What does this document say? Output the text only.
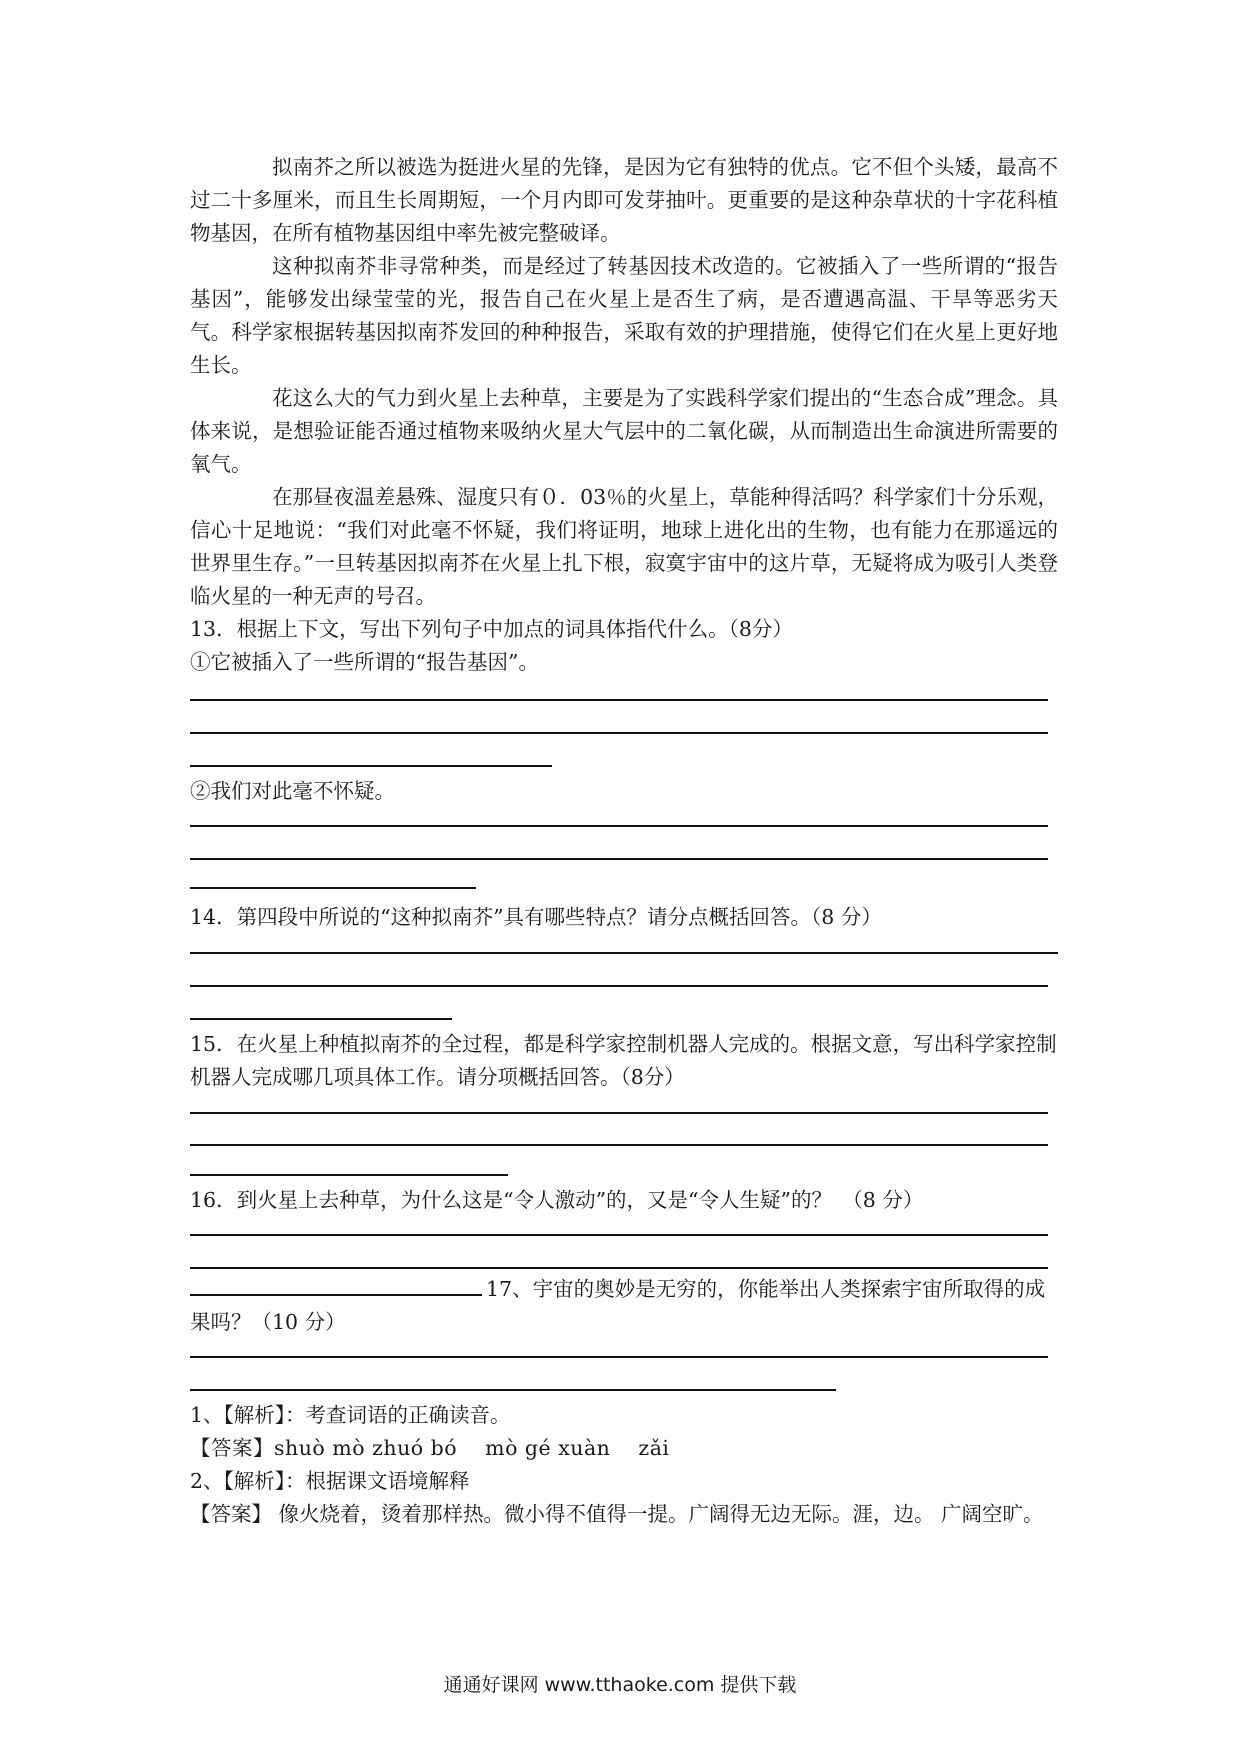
拟南芥之所以被选为挺进火星的先锋，是因为它有独特的优点。它不但个头矮，最高不过二十多厘米，而且生长周期短，一个月内即可发芽抽叶。更重要的是这种杂草状的十字花科植物基因，在所有植物基因组中率先被完整破译。

这种拟南芥非寻常种类，而是经过了转基因技术改造的。它被插入了一些所谓的“报告基因”，能够发出绿莹莹的光，报告自己在火星上是否生了病，是否遭遇高温、干旱等恶劣天气。科学家根据转基因拟南芥发回的种种报告，采取有效的护理措施，使得它们在火星上更好地生长。

花这么大的气力到火星上去种草，主要是为了实践科学家们提出的“生态合成”理念。具体来说，是想验证能否通过植物来吸纳火星大气层中的二氧化碳，从而制造出生命演进所需要的氧气。

在那昼夜温差悬殊、湿度只有０．03％的火星上，草能种得活吗？科学家们十分乐观，信心十足地说：“我们对此毫不怀疑，我们将证明，地球上进化出的生物，也有能力在那遥远的世界里生存。”一旦转基因拟南芥在火星上扎下根，寂寞宇宙中的这片草，无疑将成为吸引人类登临火星的一种无声的号召。

13．根据上下文，写出下列句子中加点的词具体指代什么。（8分）

①它被插入了一些所谓的“报告基因”。

②我们对此毫不怀疑。

14．第四段中所说的“这种拟南芥”具有哪些特点？请分点概括回答。（8 分）

15．在火星上种植拟南芥的全过程，都是科学家控制机器人完成的。根据文意，写出科学家控制机器人完成哪几项具体工作。请分项概括回答。（8分）

16．到火星上去种草，为什么这是“令人激动”的，又是“令人生疑”的？　（8 分）

17、宇宙的奥妙是无穷的，你能举出人类探索宇宙所取得的成果吗？（10 分）

1、【解析】：考查词语的正确读音。

【答案】shuò mò zhuó bó　 mò gé xuàn　 zǎi

2、【解析】：根据课文语境解释

【答案】 像火烧着，烫着那样热。微小得不值得一提。广阔得无边无际。涯，边。 广阔空旷。

通通好课网 www.tthaoke.com 提供下载
